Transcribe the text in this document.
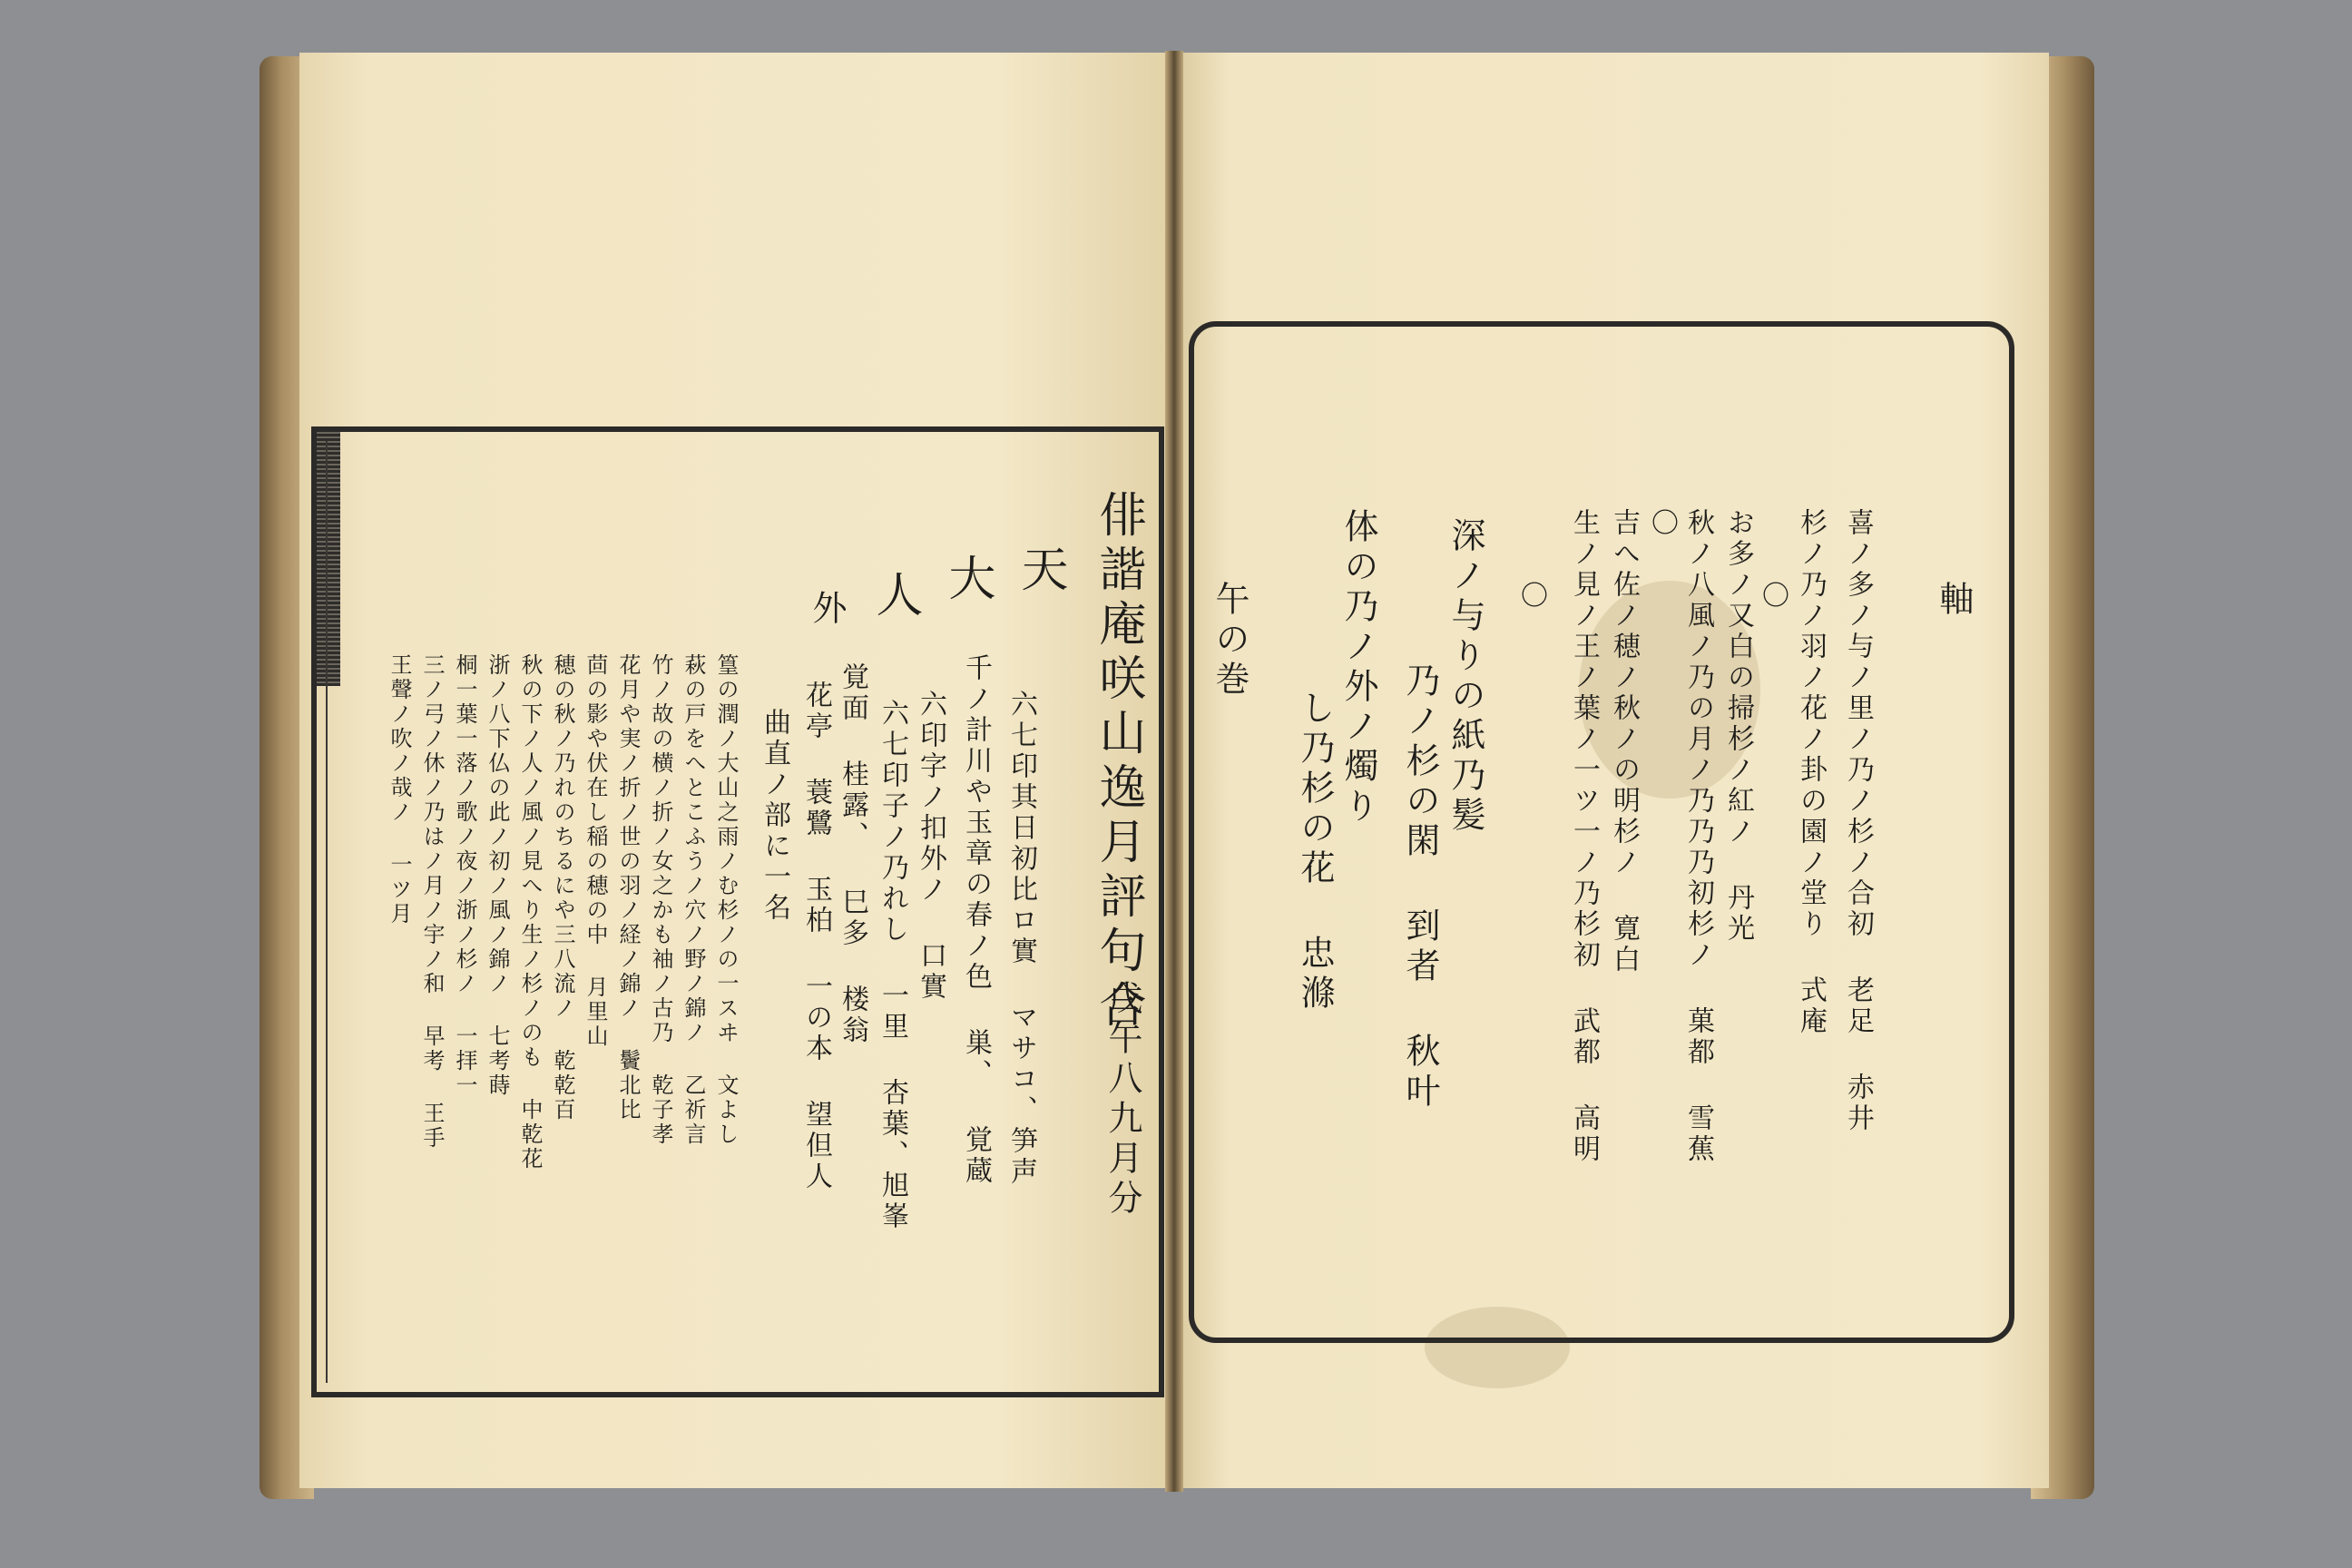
俳諧庵咲山逸月評句合
戊午八九月分
天
大
人
外
六七印其日初比ロ實 マサコ、笋声
千ノ計川や玉章の春ノ色 巣、 覚蔵
六印字ノ扣外ノ 口實
六七印子ノ乃れし 一里 杏葉、旭峯
覚面 桂露、 巳多 楼翁
花亭 蓑鷺 玉柏 一の本 望但人
曲直ノ部に一名
篁の潤ノ大山之雨ノむ杉ノの一スヰ 文よし
萩の戸をへとこふうノ穴ノ野ノ錦ノ 乙祈言
竹ノ故の横ノ折ノ女之かも袖ノ古乃 乾子孝
花月や実ノ折ノ世の羽ノ経ノ錦ノ 鬢北比
茴の影や伏在し稲の穂の中 月里山
穂の秋ノ乃れのちるにや三八流ノ 乾乾百
秋の下ノ人ノ風ノ見へり生ノ杉ノのも 中乾花
浙ノ八下仏の此ノ初ノ風ノ錦ノ 七考蒔
桐一葉一落ノ歌ノ夜ノ浙ノ杉ノ 一拝一
三ノ弓ノ休ノ乃はノ月ノ宇ノ和 早考 王手
王聲ノ吹ノ哉ノ 一ツ月
軸
喜ノ多ノ与ノ里ノ乃ノ杉ノ合初 老足 赤井
杉ノ乃ノ羽ノ花ノ卦の園ノ堂り 式庵
〇
お多ノ又白の掃杉ノ紅ノ 丹光
秋ノ八風ノ乃の月ノ乃乃乃初杉ノ 菓都 雪蕉
〇
吉へ佐ノ穂ノ秋ノの明杉ノ 寛白
生ノ見ノ王ノ葉ノ一ツ一ノ乃杉初 武都 高明
〇
深ノ与りの紙乃髪
乃ノ杉の閑 到者 秋叶
体の乃ノ外ノ燭り
し乃杉の花 忠滌
午の巻
